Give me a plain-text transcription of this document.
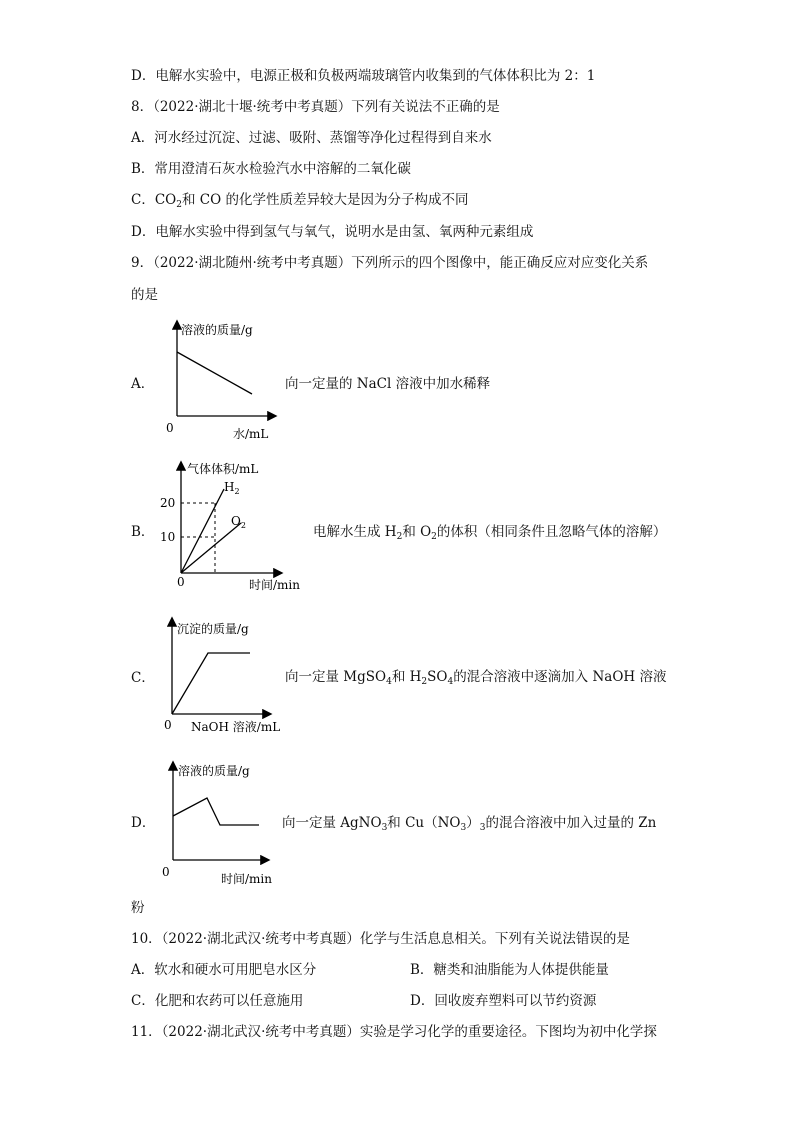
D．电解水实验中，电源正极和负极两端玻璃管内收集到的气体体积比为 2：1
8．（2022·湖北十堰·统考中考真题）下列有关说法不正确的是
A．河水经过沉淀、过滤、吸附、蒸馏等净化过程得到自来水
B．常用澄清石灰水检验汽水中溶解的二氧化碳
C．$CO_2$和 CO 的化学性质差异较大是因为分子构成不同
D．电解水实验中得到氢气与氧气，说明水是由氢、氧两种元素组成
9．（2022·湖北随州·统考中考真题）下列所示的四个图像中，能正确反应对应变化关系
的是
A．
溶液的质量/g
0	水/mL
向一定量的 NaCl 溶液中加水稀释
B．
气体体积/mL
20
10
0	时间/min
$H_2$
$O_2$	电解水生成 $H_2$和 $O_2$的体积（相同条件且忽略气体的溶解）
C．
沉淀的质量/g
0 NaOH 溶液/mL
向一定量 MgSO$_4$和 $H_2SO_4$的混合溶液中逐滴加入 NaOH 溶液
D．
溶液的质量/g
0	时间/min
向一定量 AgNO$_3$和 $Cu(NO_3)_3$的混合溶液中加入过量的 Zn
粉
10．（2022·湖北武汉·统考中考真题）化学与生活息息相关。下列有关说法错误的是
A．软水和硬水可用肥皂水区分	B．糖类和油脂能为人体提供能量
C．化肥和农药可以任意施用	D．回收废弃塑料可以节约资源
11．（2022·湖北武汉·统考中考真题）实验是学习化学的重要途径。下图均为初中化学探
